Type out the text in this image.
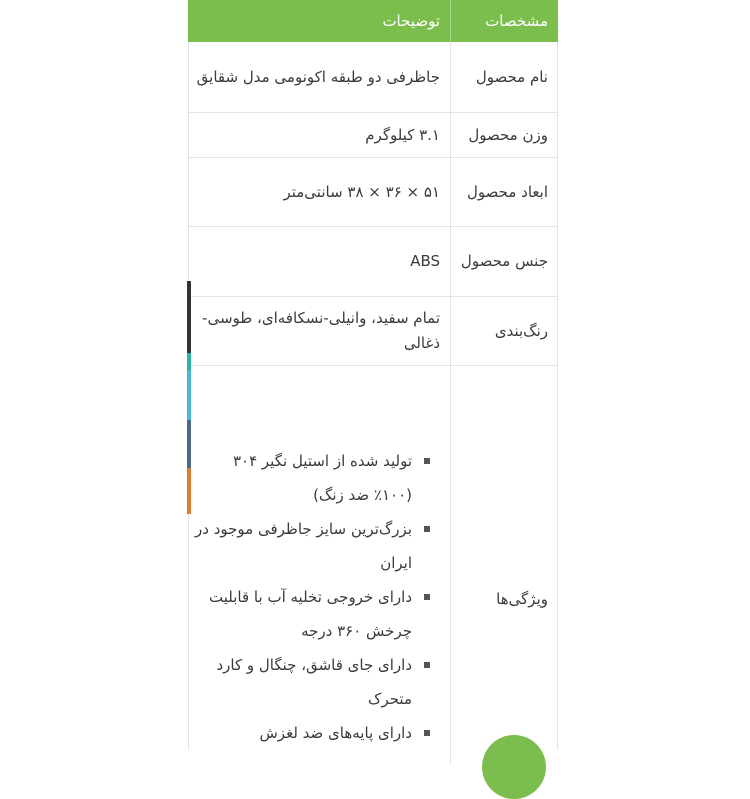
مشخصات
توضیحات
نام محصول
جاظرفی دو طبقه اکونومی مدل شقایق
وزن محصول
۳.۱ کیلوگرم
ابعاد محصول
۵۱ × ۳۶ × ۳۸ سانتی‌متر
جنس محصول
ABS
رنگ‌بندی
تمام سفید، وانیلی-نسکافه‌ای، طوسی-ذغالی
ویژگی‌ها
تولید شده از استیل نگیر ۳۰۴ (۱۰۰٪ ضد زنگ)
بزرگ‌ترین سایز جاظرفی موجود در ایران
دارای خروجی تخلیه آب با قابلیت چرخش ۳۶۰ درجه
دارای جای قاشق، چنگال و کارد متحرک
دارای پایه‌های ضد لغزش
